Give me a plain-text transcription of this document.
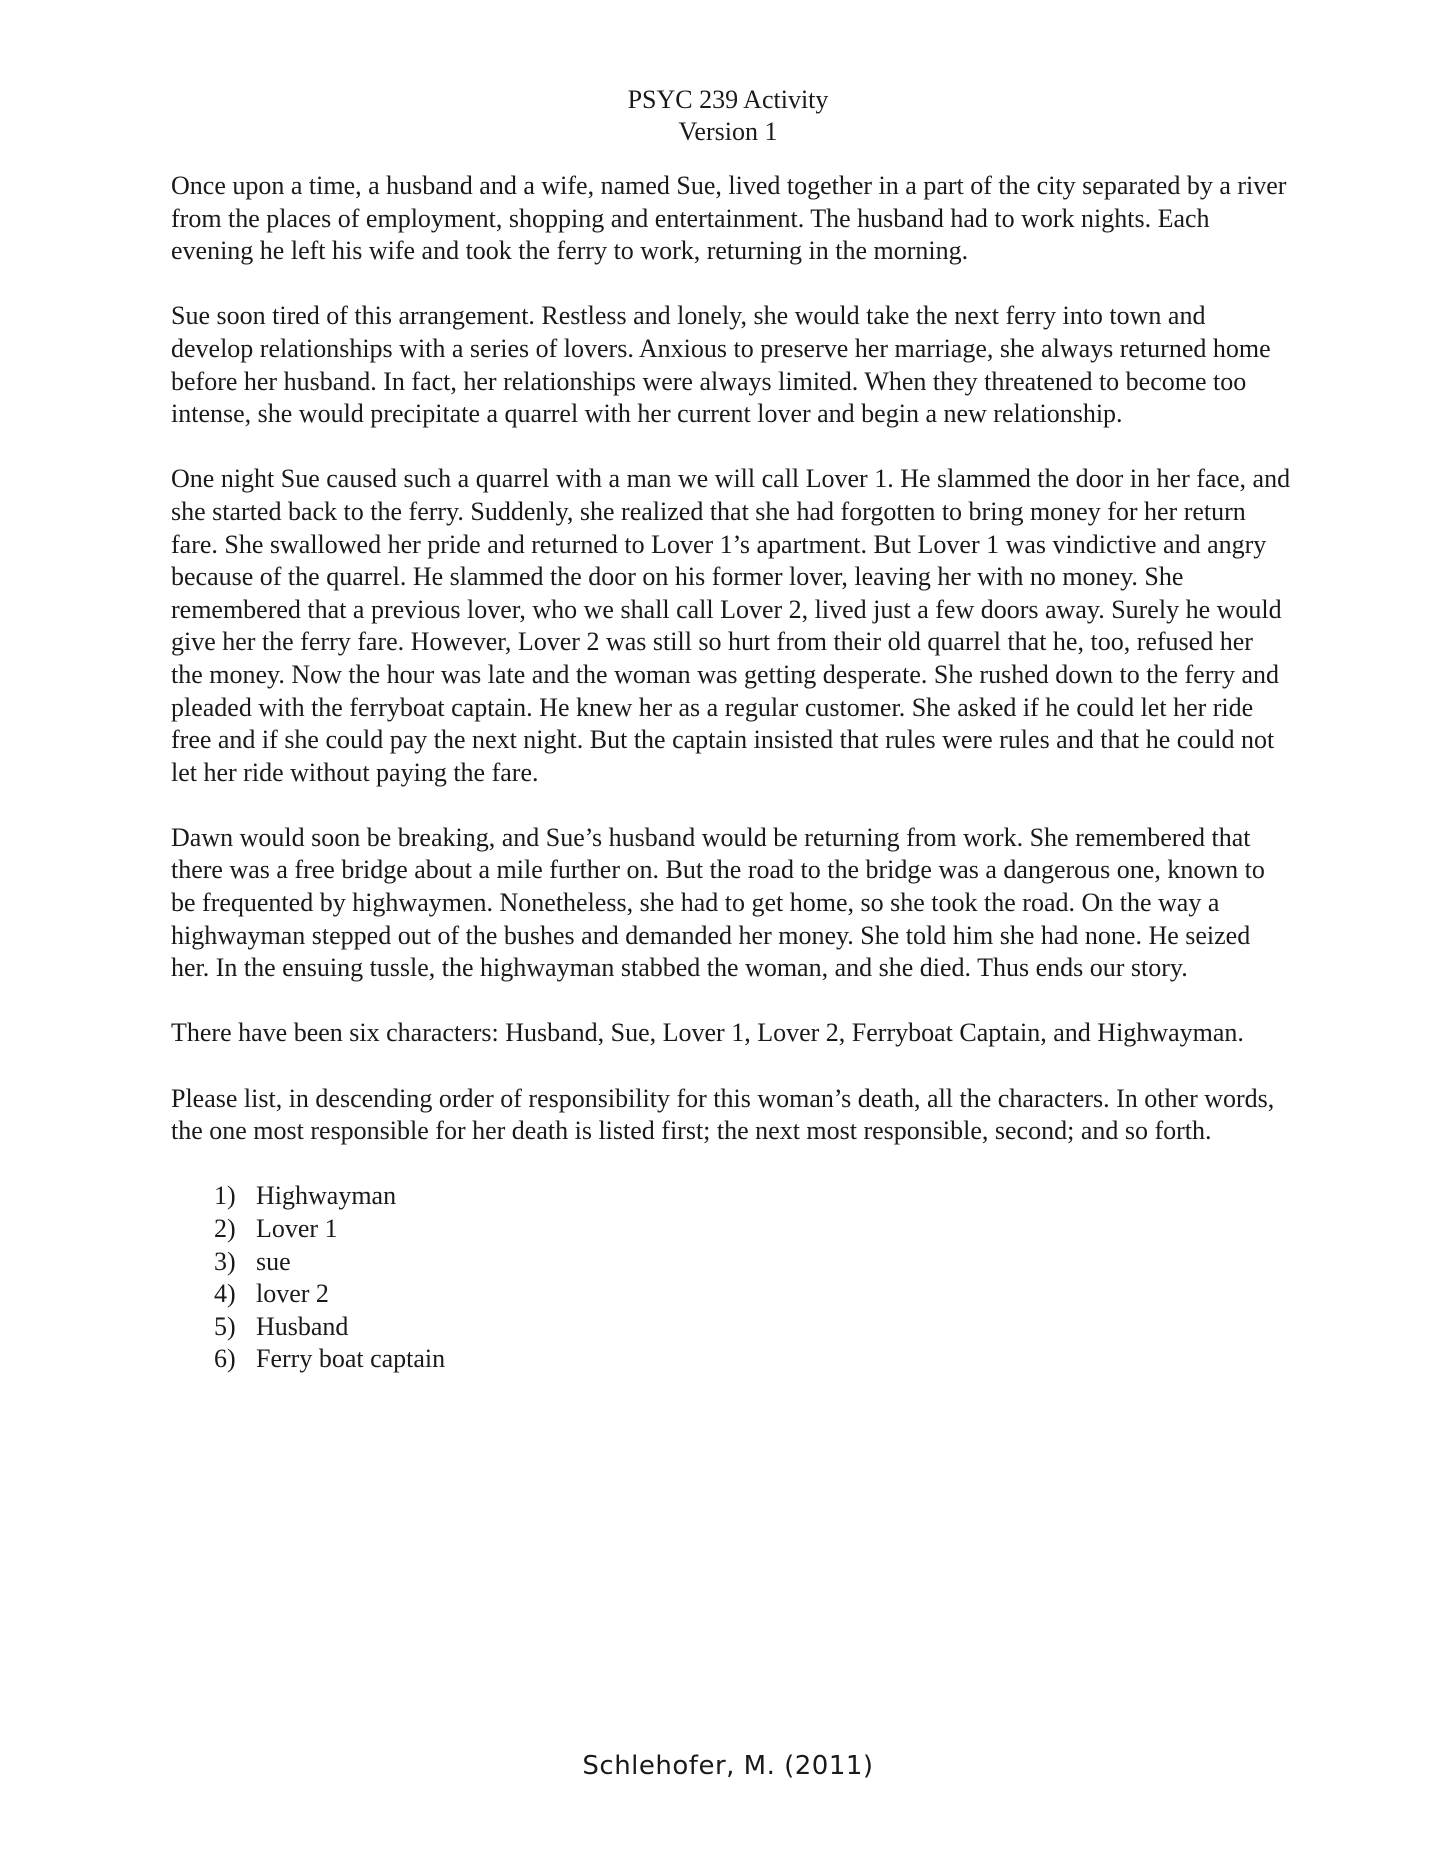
PSYC 239 Activity
Version 1

Once upon a time, a husband and a wife, named Sue, lived together in a part of the city separated by a river from the places of employment, shopping and entertainment. The husband had to work nights. Each evening he left his wife and took the ferry to work, returning in the morning.

Sue soon tired of this arrangement. Restless and lonely, she would take the next ferry into town and develop relationships with a series of lovers. Anxious to preserve her marriage, she always returned home before her husband. In fact, her relationships were always limited. When they threatened to become too intense, she would precipitate a quarrel with her current lover and begin a new relationship.

One night Sue caused such a quarrel with a man we will call Lover 1. He slammed the door in her face, and she started back to the ferry. Suddenly, she realized that she had forgotten to bring money for her return fare. She swallowed her pride and returned to Lover 1’s apartment. But Lover 1 was vindictive and angry because of the quarrel. He slammed the door on his former lover, leaving her with no money. She remembered that a previous lover, who we shall call Lover 2, lived just a few doors away. Surely he would give her the ferry fare. However, Lover 2 was still so hurt from their old quarrel that he, too, refused her the money. Now the hour was late and the woman was getting desperate. She rushed down to the ferry and pleaded with the ferryboat captain. He knew her as a regular customer. She asked if he could let her ride free and if she could pay the next night. But the captain insisted that rules were rules and that he could not let her ride without paying the fare.

Dawn would soon be breaking, and Sue’s husband would be returning from work. She remembered that there was a free bridge about a mile further on. But the road to the bridge was a dangerous one, known to be frequented by highwaymen. Nonetheless, she had to get home, so she took the road. On the way a highwayman stepped out of the bushes and demanded her money. She told him she had none. He seized her. In the ensuing tussle, the highwayman stabbed the woman, and she died. Thus ends our story.

There have been six characters: Husband, Sue, Lover 1, Lover 2, Ferryboat Captain, and Highwayman.

Please list, in descending order of responsibility for this woman’s death, all the characters. In other words, the one most responsible for her death is listed first; the next most responsible, second; and so forth.

1) Highwayman
2) Lover 1
3) sue
4) lover 2
5) Husband
6) Ferry boat captain
Schlehofer, M. (2011)
